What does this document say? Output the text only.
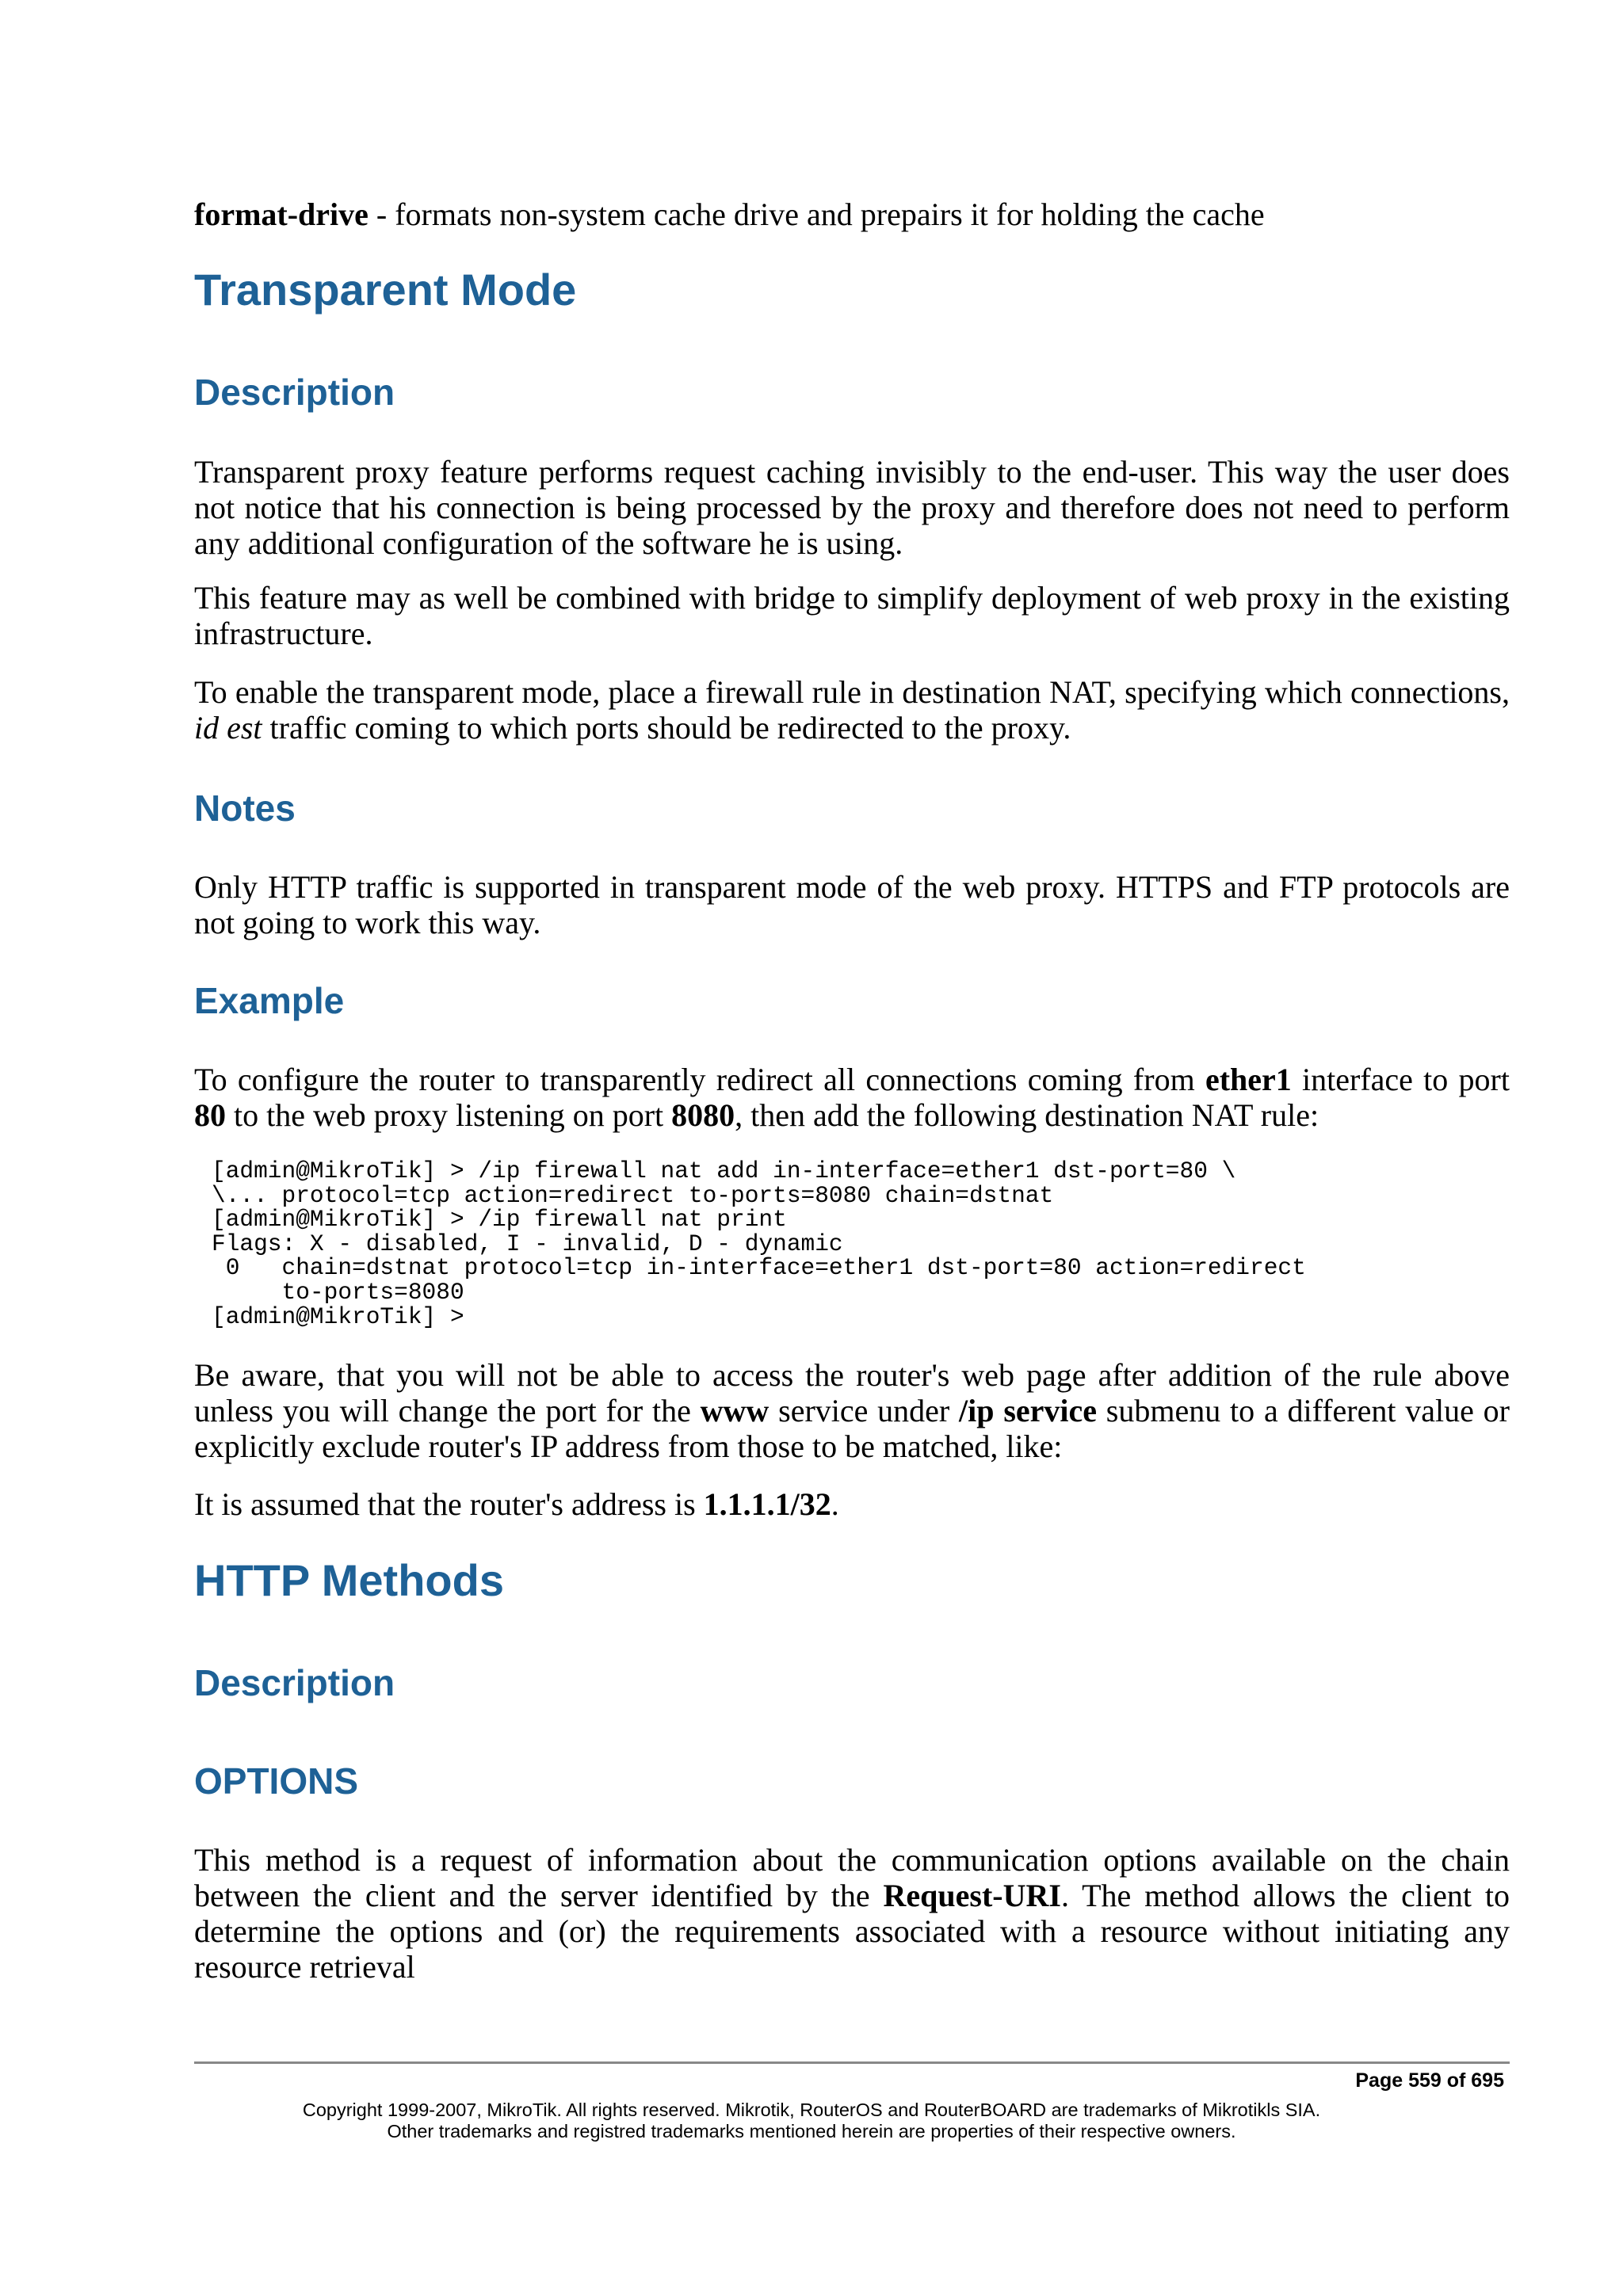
format-drive - formats non-system cache drive and prepairs it for holding the cache

Transparent Mode
Description

Transparent proxy feature performs request caching invisibly to the end-user. This way the user does not notice that his connection is being processed by the proxy and therefore does not need to perform any additional configuration of the software he is using.

This feature may as well be combined with bridge to simplify deployment of web proxy in the existing infrastructure.

To enable the transparent mode, place a firewall rule in destination NAT, specifying which connections, id est traffic coming to which ports should be redirected to the proxy.

Notes

Only HTTP traffic is supported in transparent mode of the web proxy. HTTPS and FTP protocols are not going to work this way.

Example

To configure the router to transparently redirect all connections coming from ether1 interface to port 80 to the web proxy listening on port 8080, then add the following destination NAT rule:

[admin@MikroTik] > /ip firewall nat add in-interface=ether1 dst-port=80 \
\... protocol=tcp action=redirect to-ports=8080 chain=dstnat
[admin@MikroTik] > /ip firewall nat print
Flags: X - disabled, I - invalid, D - dynamic
0   chain=dstnat protocol=tcp in-interface=ether1 dst-port=80 action=redirect
to-ports=8080
[admin@MikroTik] >

Be aware, that you will not be able to access the router's web page after addition of the rule above unless you will change the port for the www service under /ip service submenu to a different value or explicitly exclude router's IP address from those to be matched, like:

It is assumed that the router's address is 1.1.1.1/32.

HTTP Methods
Description
OPTIONS

This method is a request of information about the communication options available on the chain between the client and the server identified by the Request-URI. The method allows the client to determine the options and (or) the requirements associated with a resource without initiating any resource retrieval

Page 559 of 695
Copyright 1999-2007, MikroTik. All rights reserved. Mikrotik, RouterOS and RouterBOARD are trademarks of Mikrotikls SIA.
Other trademarks and registred trademarks mentioned herein are properties of their respective owners.
